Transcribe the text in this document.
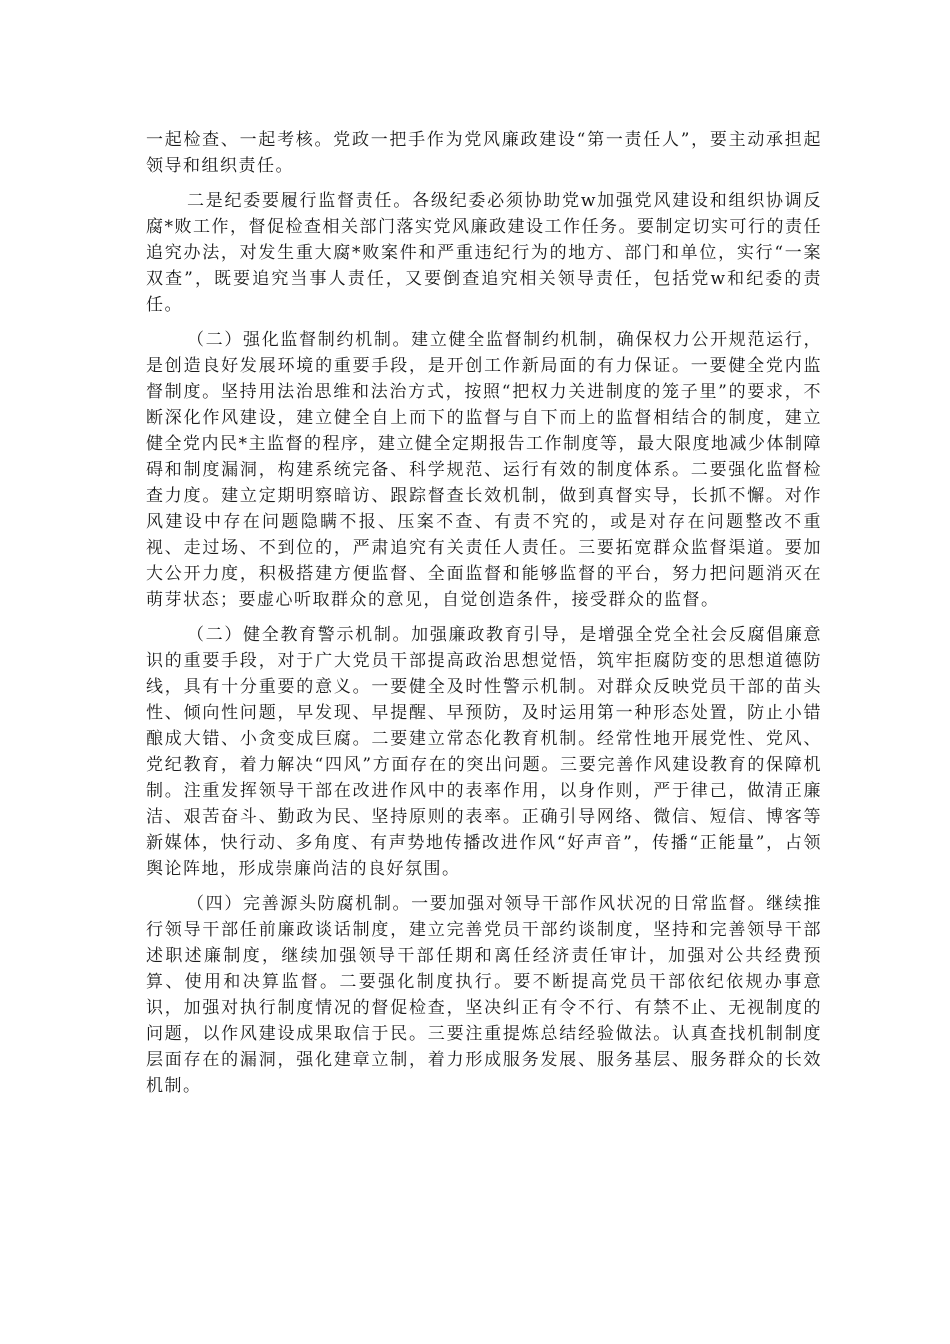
一起检查、一起考核。党政一把手作为党风廉政建设“第一责任人”，要主动承担起领导和组织责任。

二是纪委要履行监督责任。各级纪委必须协助党w加强党风建设和组织协调反腐*败工作，督促检查相关部门落实党风廉政建设工作任务。要制定切实可行的责任追究办法，对发生重大腐*败案件和严重违纪行为的地方、部门和单位，实行“一案双查”，既要追究当事人责任，又要倒查追究相关领导责任，包括党w和纪委的责任。

（二）强化监督制约机制。建立健全监督制约机制，确保权力公开规范运行，是创造良好发展环境的重要手段，是开创工作新局面的有力保证。一要健全党内监督制度。坚持用法治思维和法治方式，按照“把权力关进制度的笼子里”的要求，不断深化作风建设，建立健全自上而下的监督与自下而上的监督相结合的制度，建立健全党内民*主监督的程序，建立健全定期报告工作制度等，最大限度地减少体制障碍和制度漏洞，构建系统完备、科学规范、运行有效的制度体系。二要强化监督检查力度。建立定期明察暗访、跟踪督查长效机制，做到真督实导，长抓不懈。对作风建设中存在问题隐瞒不报、压案不查、有责不究的，或是对存在问题整改不重视、走过场、不到位的，严肃追究有关责任人责任。三要拓宽群众监督渠道。要加大公开力度，积极搭建方便监督、全面监督和能够监督的平台，努力把问题消灭在萌芽状态；要虚心听取群众的意见，自觉创造条件，接受群众的监督。

（二）健全教育警示机制。加强廉政教育引导，是增强全党全社会反腐倡廉意识的重要手段，对于广大党员干部提高政治思想觉悟，筑牢拒腐防变的思想道德防线，具有十分重要的意义。一要健全及时性警示机制。对群众反映党员干部的苗头性、倾向性问题，早发现、早提醒、早预防，及时运用第一种形态处置，防止小错酿成大错、小贪变成巨腐。二要建立常态化教育机制。经常性地开展党性、党风、党纪教育，着力解决“四风”方面存在的突出问题。三要完善作风建设教育的保障机制。注重发挥领导干部在改进作风中的表率作用，以身作则，严于律己，做清正廉洁、艰苦奋斗、勤政为民、坚持原则的表率。正确引导网络、微信、短信、博客等新媒体，快行动、多角度、有声势地传播改进作风“好声音”，传播“正能量”，占领舆论阵地，形成崇廉尚洁的良好氛围。

（四）完善源头防腐机制。一要加强对领导干部作风状况的日常监督。继续推行领导干部任前廉政谈话制度，建立完善党员干部约谈制度，坚持和完善领导干部述职述廉制度，继续加强领导干部任期和离任经济责任审计，加强对公共经费预算、使用和决算监督。二要强化制度执行。要不断提高党员干部依纪依规办事意识，加强对执行制度情况的督促检查，坚决纠正有令不行、有禁不止、无视制度的问题，以作风建设成果取信于民。三要注重提炼总结经验做法。认真查找机制制度层面存在的漏洞，强化建章立制，着力形成服务发展、服务基层、服务群众的长效机制。
